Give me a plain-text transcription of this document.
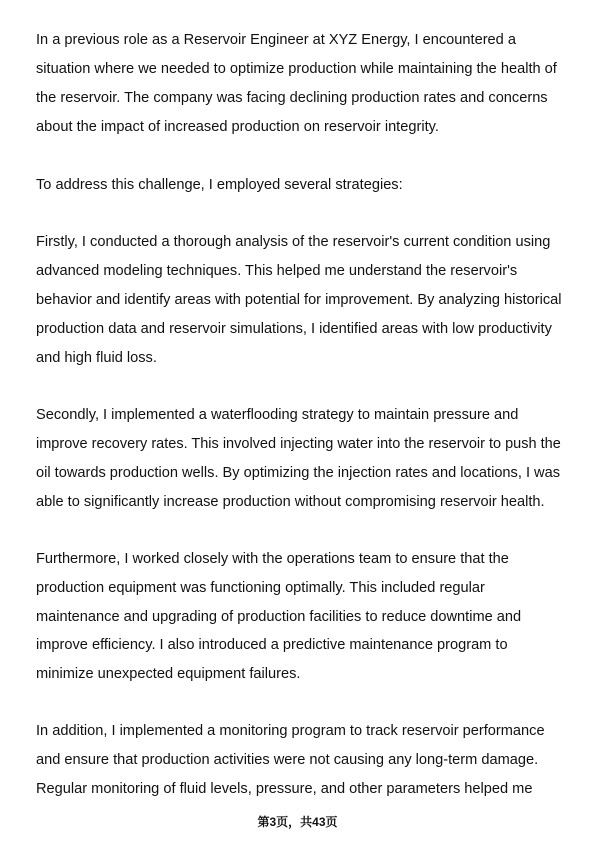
In a previous role as a Reservoir Engineer at XYZ Energy, I encountered a
situation where we needed to optimize production while maintaining the health of
the reservoir. The company was facing declining production rates and concerns
about the impact of increased production on reservoir integrity.
To address this challenge, I employed several strategies:
Firstly, I conducted a thorough analysis of the reservoir's current condition using
advanced modeling techniques. This helped me understand the reservoir's
behavior and identify areas with potential for improvement. By analyzing historical
production data and reservoir simulations, I identified areas with low productivity
and high fluid loss.
Secondly, I implemented a waterflooding strategy to maintain pressure and
improve recovery rates. This involved injecting water into the reservoir to push the
oil towards production wells. By optimizing the injection rates and locations, I was
able to significantly increase production without compromising reservoir health.
Furthermore, I worked closely with the operations team to ensure that the
production equipment was functioning optimally. This included regular
maintenance and upgrading of production facilities to reduce downtime and
improve efficiency. I also introduced a predictive maintenance program to
minimize unexpected equipment failures.
In addition, I implemented a monitoring program to track reservoir performance
and ensure that production activities were not causing any long-term damage.
Regular monitoring of fluid levels, pressure, and other parameters helped me
第3页，共43页
